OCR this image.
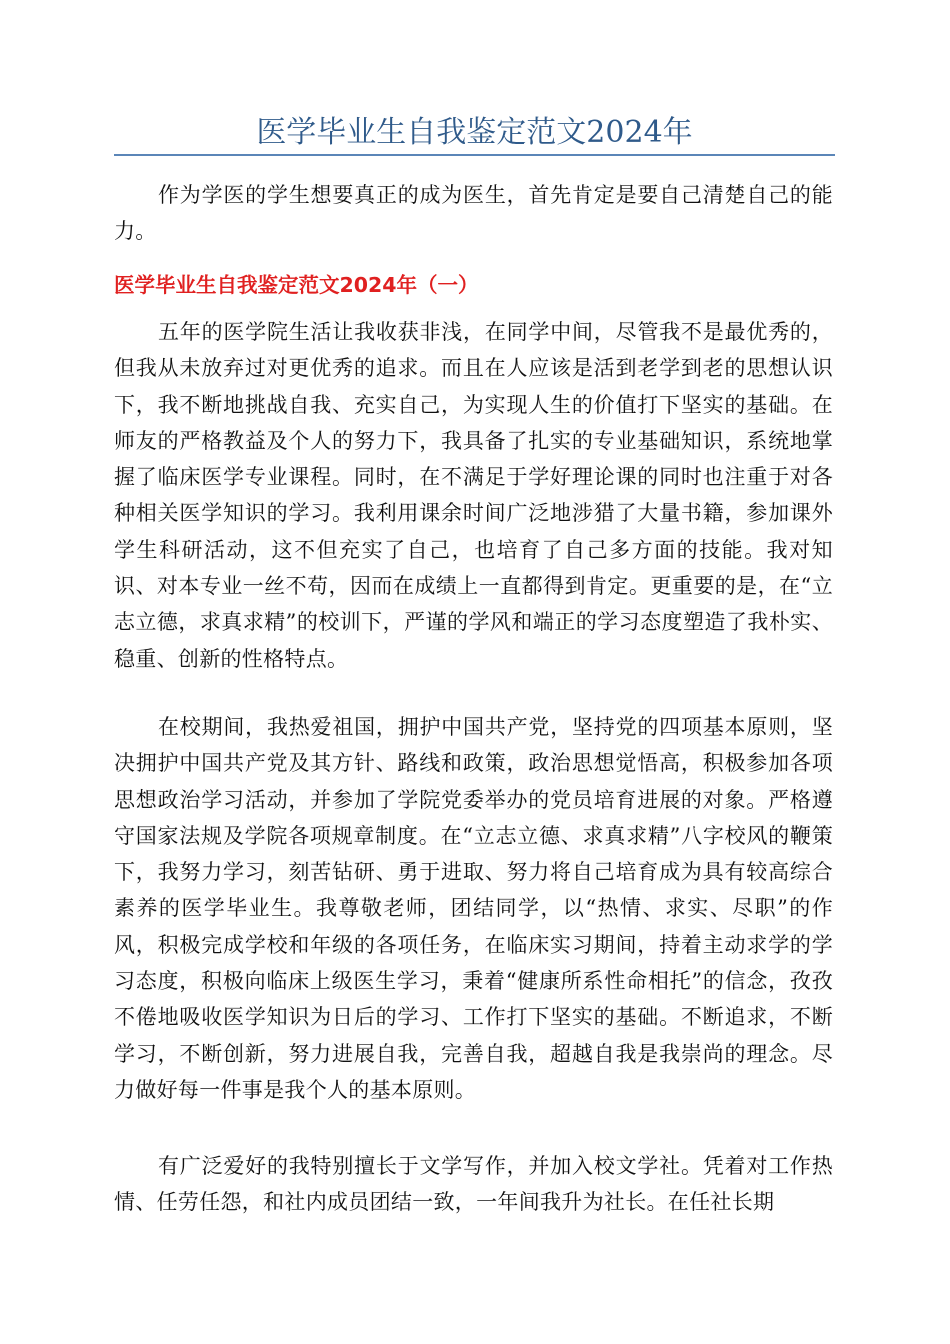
医学毕业生自我鉴定范文2024年

作为学医的学生想要真正的成为医生，首先肯定是要自己清楚自己的能力。

医学毕业生自我鉴定范文2024年（一）

五年的医学院生活让我收获非浅，在同学中间，尽管我不是最优秀的，但我从未放弃过对更优秀的追求。而且在人应该是活到老学到老的思想认识下，我不断地挑战自我、充实自己，为实现人生的价值打下坚实的基础。在师友的严格教益及个人的努力下，我具备了扎实的专业基础知识，系统地掌握了临床医学专业课程。同时，在不满足于学好理论课的同时也注重于对各种相关医学知识的学习。我利用课余时间广泛地涉猎了大量书籍，参加课外学生科研活动，这不但充实了自己，也培育了自己多方面的技能。我对知识、对本专业一丝不苟，因而在成绩上一直都得到肯定。更重要的是，在“立志立德，求真求精”的校训下，严谨的学风和端正的学习态度塑造了我朴实、稳重、创新的性格特点。

在校期间，我热爱祖国，拥护中国共产党，坚持党的四项基本原则，坚决拥护中国共产党及其方针、路线和政策，政治思想觉悟高，积极参加各项思想政治学习活动，并参加了学院党委举办的党员培育进展的对象。严格遵守国家法规及学院各项规章制度。在“立志立德、求真求精”八字校风的鞭策下，我努力学习，刻苦钻研、勇于进取、努力将自己培育成为具有较高综合素养的医学毕业生。我尊敬老师，团结同学，以“热情、求实、尽职”的作风，积极完成学校和年级的各项任务，在临床实习期间，持着主动求学的学习态度，积极向临床上级医生学习，秉着“健康所系性命相托”的信念，孜孜不倦地吸收医学知识为日后的学习、工作打下坚实的基础。不断追求，不断学习，不断创新，努力进展自我，完善自我，超越自我是我崇尚的理念。尽力做好每一件事是我个人的基本原则。

有广泛爱好的我特别擅长于文学写作，并加入校文学社。凭着对工作热情、任劳任怨，和社内成员团结一致，一年间我升为社长。在任社长期
